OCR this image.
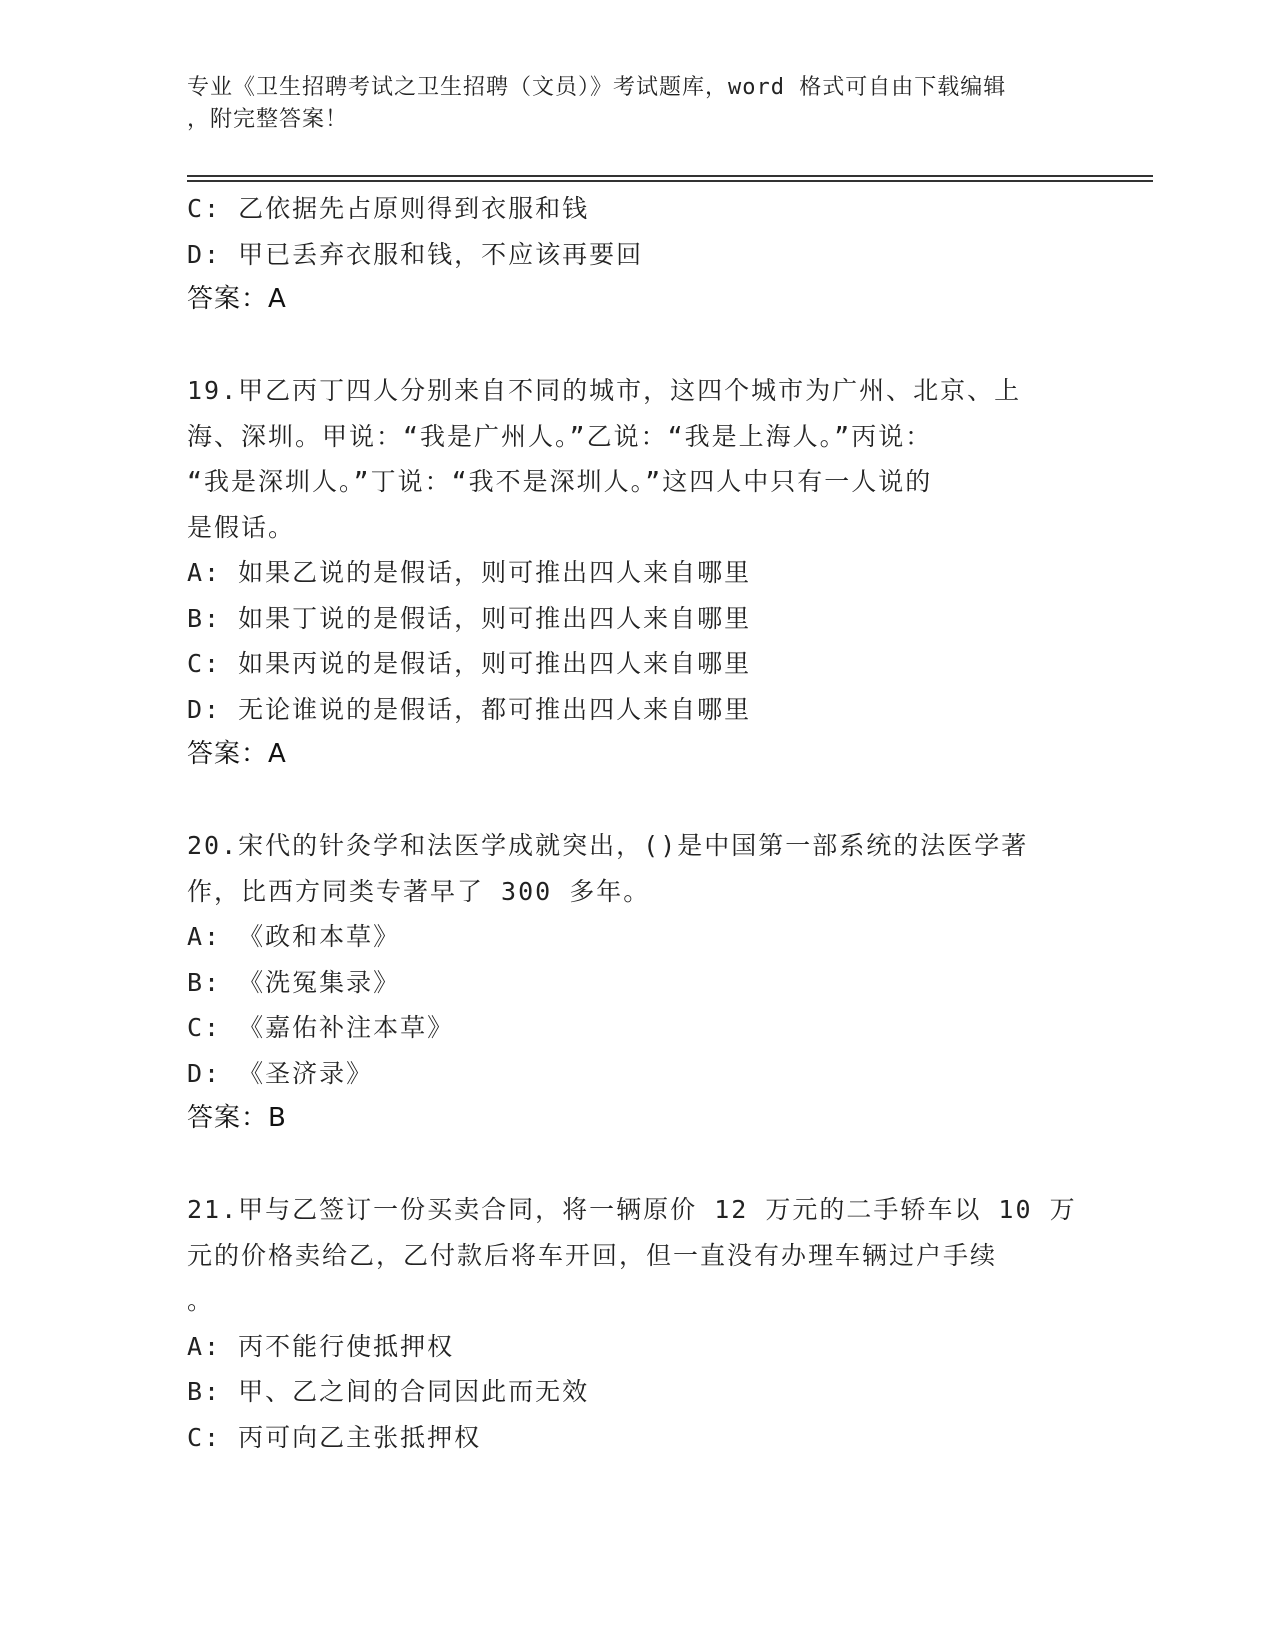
专业《卫生招聘考试之卫生招聘（文员）》考试题库，word 格式可自由下载编辑
，附完整答案！
C: 乙依据先占原则得到衣服和钱
D: 甲已丢弃衣服和钱，不应该再要回
答案：A
19.甲乙丙丁四人分别来自不同的城市，这四个城市为广州、北京、上
海、深圳。甲说：“我是广州人。”乙说：“我是上海人。”丙说：
“我是深圳人。”丁说：“我不是深圳人。”这四人中只有一人说的
是假话。
A: 如果乙说的是假话，则可推出四人来自哪里
B: 如果丁说的是假话，则可推出四人来自哪里
C: 如果丙说的是假话，则可推出四人来自哪里
D: 无论谁说的是假话，都可推出四人来自哪里
答案：A
20.宋代的针灸学和法医学成就突出，()是中国第一部系统的法医学著
作，比西方同类专著早了 300 多年。
A: 《政和本草》
B: 《洗冤集录》
C: 《嘉佑补注本草》
D: 《圣济录》
答案：B
21.甲与乙签订一份买卖合同，将一辆原价 12 万元的二手轿车以 10 万
元的价格卖给乙，乙付款后将车开回，但一直没有办理车辆过户手续
。
A: 丙不能行使抵押权
B: 甲、乙之间的合同因此而无效
C: 丙可向乙主张抵押权
